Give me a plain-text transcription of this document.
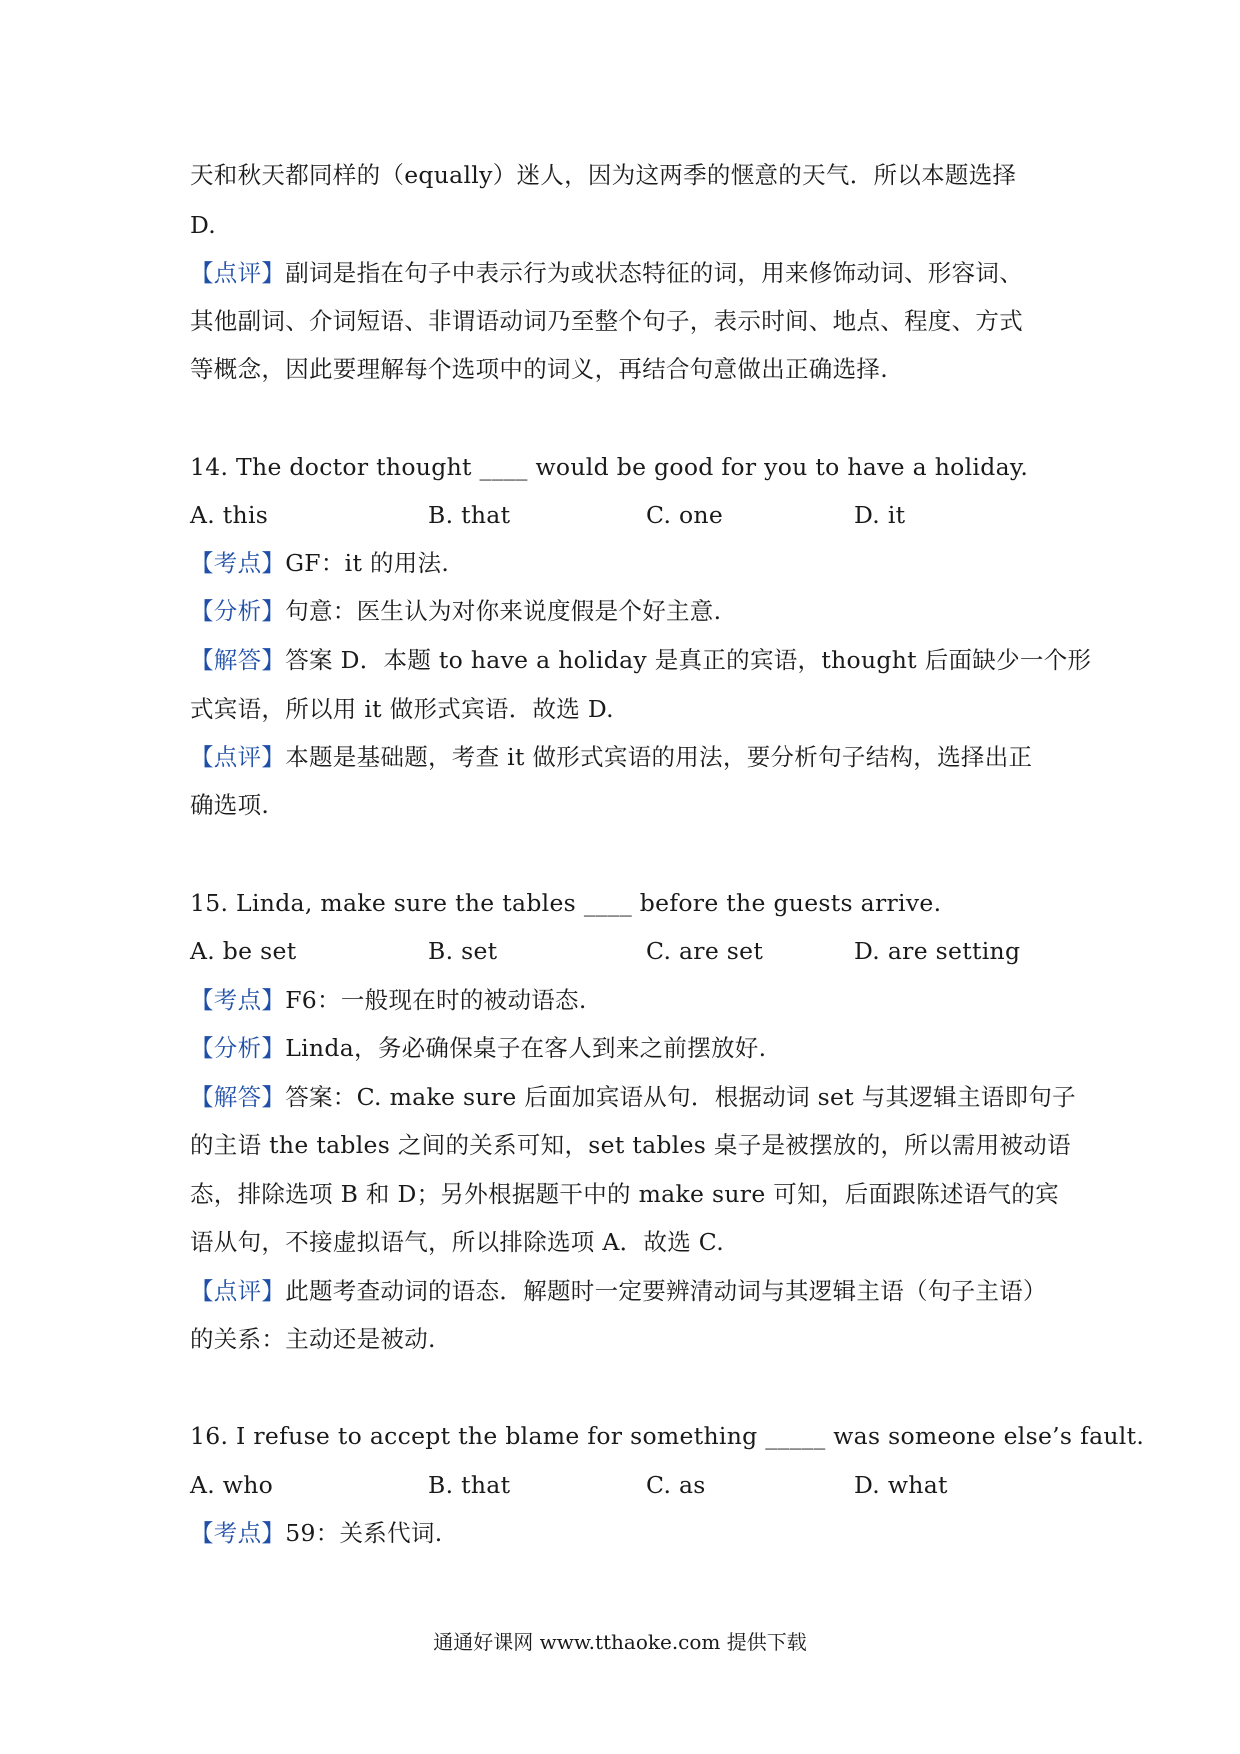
天和秋天都同样的（equally）迷人，因为这两季的惬意的天气．所以本题选择
D.
【点评】副词是指在句子中表示行为或状态特征的词，用来修饰动词、形容词、
其他副词、介词短语、非谓语动词乃至整个句子，表示时间、地点、程度、方式
等概念，因此要理解每个选项中的词义，再结合句意做出正确选择.
14. The doctor thought ____ would be good for you to have a holiday.
A. this	B. that	C. one	D. it
【考点】GF：it 的用法.
【分析】句意：医生认为对你来说度假是个好主意.
【解答】答案 D．本题 to have a holiday 是真正的宾语，thought 后面缺少一个形
式宾语，所以用 it 做形式宾语．故选 D.
【点评】本题是基础题，考查 it 做形式宾语的用法，要分析句子结构，选择出正
确选项.
15. Linda, make sure the tables ____ before the guests arrive.
A. be set	B. set	C. are set	D. are setting
【考点】F6：一般现在时的被动语态.
【分析】Linda，务必确保桌子在客人到来之前摆放好.
【解答】答案：C. make sure 后面加宾语从句．根据动词 set 与其逻辑主语即句子
的主语 the tables 之间的关系可知，set tables 桌子是被摆放的，所以需用被动语
态，排除选项 B 和 D；另外根据题干中的 make sure 可知，后面跟陈述语气的宾
语从句，不接虚拟语气，所以排除选项 A．故选 C.
【点评】此题考查动词的语态．解题时一定要辨清动词与其逻辑主语（句子主语）
的关系：主动还是被动.
16. I refuse to accept the blame for something _____ was someone else’s fault.
A. who	B. that	C. as	D. what
【考点】59：关系代词.
通通好课网 www.tthaoke.com 提供下载
